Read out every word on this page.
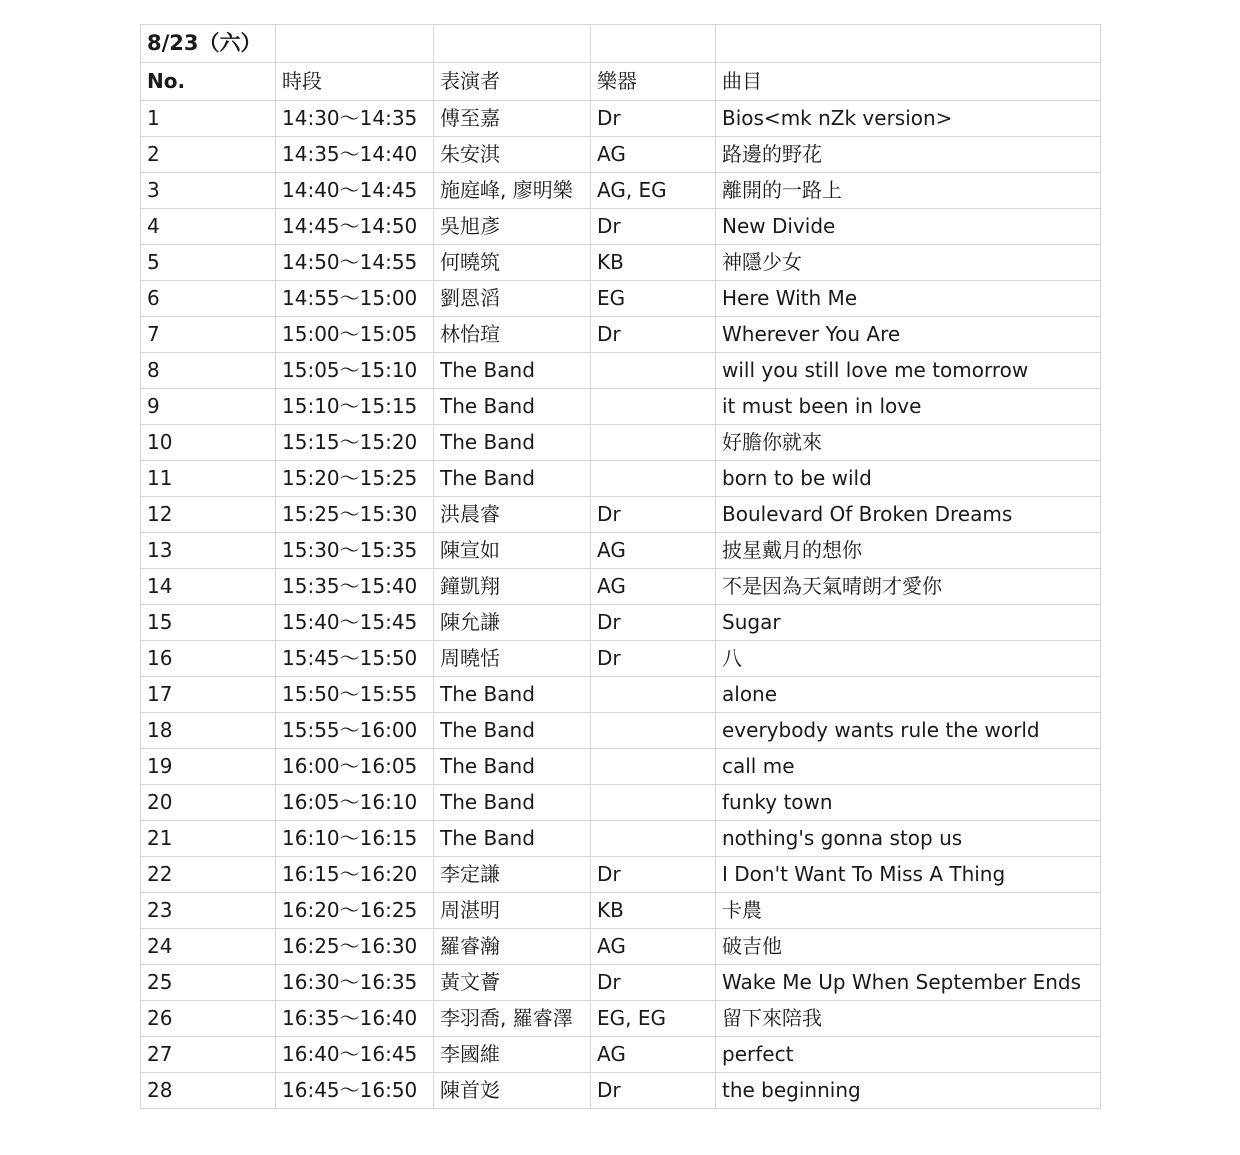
8/23（六）				
No.	時段	表演者	樂器	曲目
1	14:30～14:35	傅至嘉	Dr	Bios<mk nZk version>
2	14:35～14:40	朱安淇	AG	路邊的野花
3	14:40～14:45	施庭峰, 廖明樂	AG, EG	離開的一路上
4	14:45～14:50	吳旭彥	Dr	New Divide
5	14:50～14:55	何曉筑	KB	神隱少女
6	14:55～15:00	劉恩滔	EG	Here With Me
7	15:00～15:05	林怡瑄	Dr	Wherever You Are
8	15:05～15:10	The Band		will you still love me tomorrow
9	15:10～15:15	The Band		it must been in love
10	15:15～15:20	The Band		好膽你就來
11	15:20～15:25	The Band		born to be wild
12	15:25～15:30	洪晨睿	Dr	Boulevard Of Broken Dreams
13	15:30～15:35	陳宣如	AG	披星戴月的想你
14	15:35～15:40	鐘凱翔	AG	不是因為天氣晴朗才愛你
15	15:40～15:45	陳允謙	Dr	Sugar
16	15:45～15:50	周曉恬	Dr	八
17	15:50～15:55	The Band		alone
18	15:55～16:00	The Band		everybody wants rule the world
19	16:00～16:05	The Band		call me
20	16:05～16:10	The Band		funky town
21	16:10～16:15	The Band		nothing's gonna stop us
22	16:15～16:20	李定謙	Dr	I Don't Want To Miss A Thing
23	16:20～16:25	周湛明	KB	卡農
24	16:25～16:30	羅睿瀚	AG	破吉他
25	16:30～16:35	黃文薈	Dr	Wake Me Up When September Ends
26	16:35～16:40	李羽喬, 羅睿澤	EG, EG	留下來陪我
27	16:40～16:45	李國維	AG	perfect
28	16:45～16:50	陳首彣	Dr	the beginning
